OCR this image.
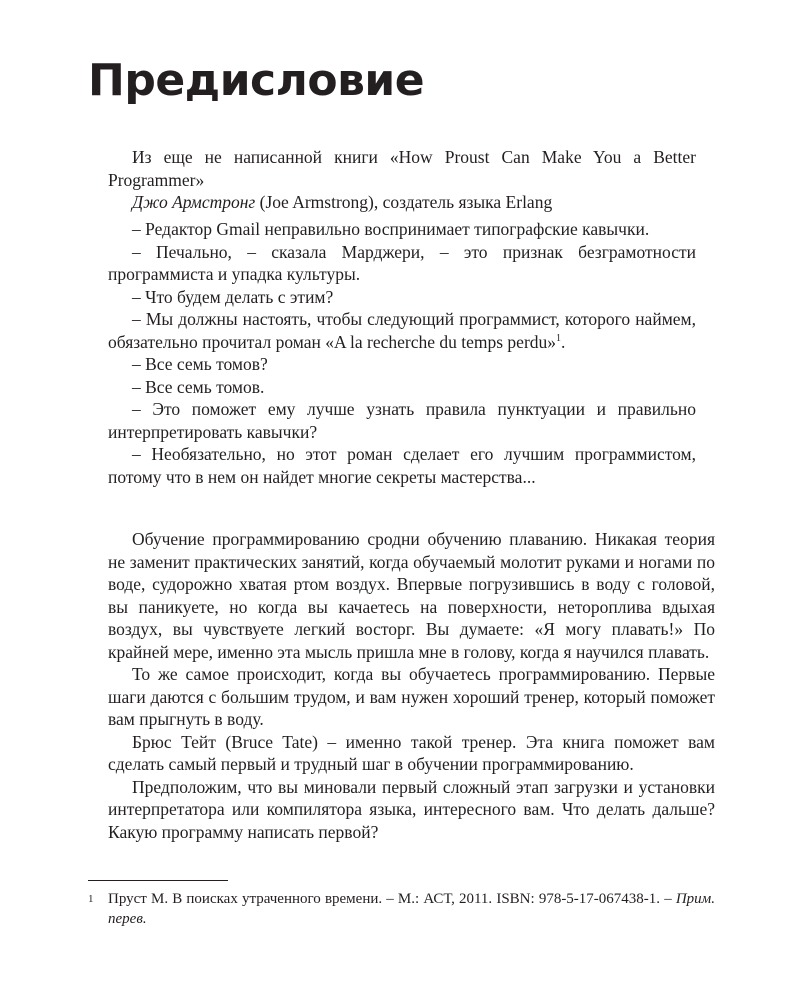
Предисловие
Из еще не написанной книги «How Proust Can Make You a Better Programmer»
Джо Армстронг (Joe Armstrong), создатель языка Erlang

– Редактор Gmail неправильно воспринимает типографские кавычки.

– Печально, – сказала Марджери, – это признак безграмотности программиста и упадка культуры.

– Что будем делать с этим?

– Мы должны настоять, чтобы следующий программист, которого наймем, обязательно прочитал роман «A la recherche du temps perdu»$^1$.

– Все семь томов?

– Все семь томов.

– Это поможет ему лучше узнать правила пунктуации и правильно интерпретировать кавычки?

– Необязательно, но этот роман сделает его лучшим программистом, потому что в нем он найдет многие секреты мастерства...

Обучение программированию сродни обучению плаванию. Никакая теория не заменит практических занятий, когда обучаемый молотит руками и ногами по воде, судорожно хватая ртом воздух. Впервые погрузившись в воду с головой, вы паникуете, но когда вы качаетесь на поверхности, нетороплива вдыхая воздух, вы чувствуете легкий восторг. Вы думаете: «Я могу плавать!» По крайней мере, именно эта мысль пришла мне в голову, когда я научился плавать.

То же самое происходит, когда вы обучаетесь программированию. Первые шаги даются с большим трудом, и вам нужен хороший тренер, который поможет вам прыгнуть в воду.

Брюс Тейт (Bruce Tate) – именно такой тренер. Эта книга поможет вам сделать самый первый и трудный шаг в обучении программированию.

Предположим, что вы миновали первый сложный этап загрузки и установки интерпретатора или компилятора языка, интересного вам. Что делать дальше? Какую программу написать первой?

1 Пруст М. В поисках утраченного времени. – М.: АСТ, 2011. ISBN: 978-5-17-067438-1. – Прим. перев.
